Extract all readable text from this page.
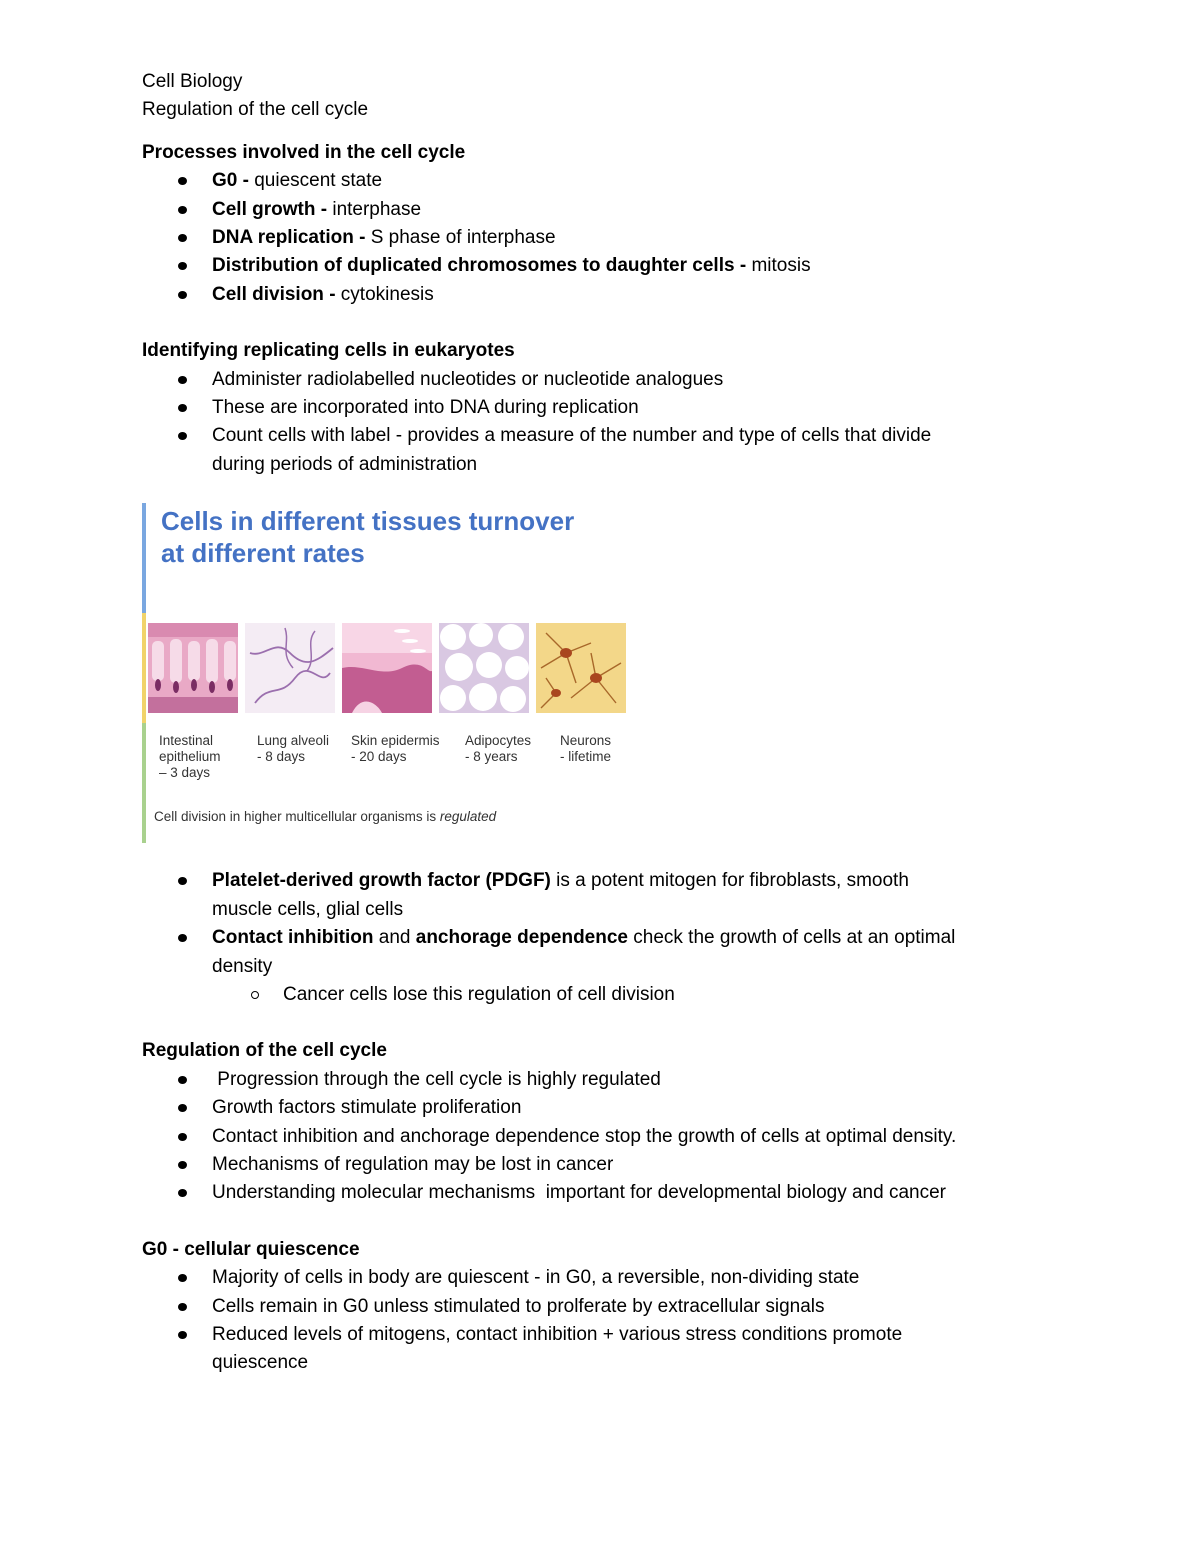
Cell Biology

Regulation of the cell cycle

Processes involved in the cell cycle

G0 - quiescent state
Cell growth - interphase
DNA replication - S phase of interphase
Distribution of duplicated chromosomes to daughter cells - mitosis
Cell division - cytokinesis

Identifying replicating cells in eukaryotes

Administer radiolabelled nucleotides or nucleotide analogues
These are incorporated into DNA during replication
Count cells with label - provides a measure of the number and type of cells that divide
during periods of administration
Cells in different tissues turnover
at different rates
Intestinal
epithelium
– 3 days
Lung alveoli
- 8 days
Skin epidermis
- 20 days
Adipocytes
- 8 years
Neurons
- lifetime
Cell division in higher multicellular organisms is regulated
Platelet-derived growth factor (PDGF) is a potent mitogen for fibroblasts, smooth
muscle cells, glial cells
Contact inhibition and anchorage dependence check the growth of cells at an optimal
density
Cancer cells lose this regulation of cell division

Regulation of the cell cycle

Progression through the cell cycle is highly regulated
Growth factors stimulate proliferation
Contact inhibition and anchorage dependence stop the growth of cells at optimal density.
Mechanisms of regulation may be lost in cancer
Understanding molecular mechanisms  important for developmental biology and cancer

G0 - cellular quiescence

Majority of cells in body are quiescent - in G0, a reversible, non-dividing state
Cells remain in G0 unless stimulated to prolferate by extracellular signals
Reduced levels of mitogens, contact inhibition + various stress conditions promote
quiescence
